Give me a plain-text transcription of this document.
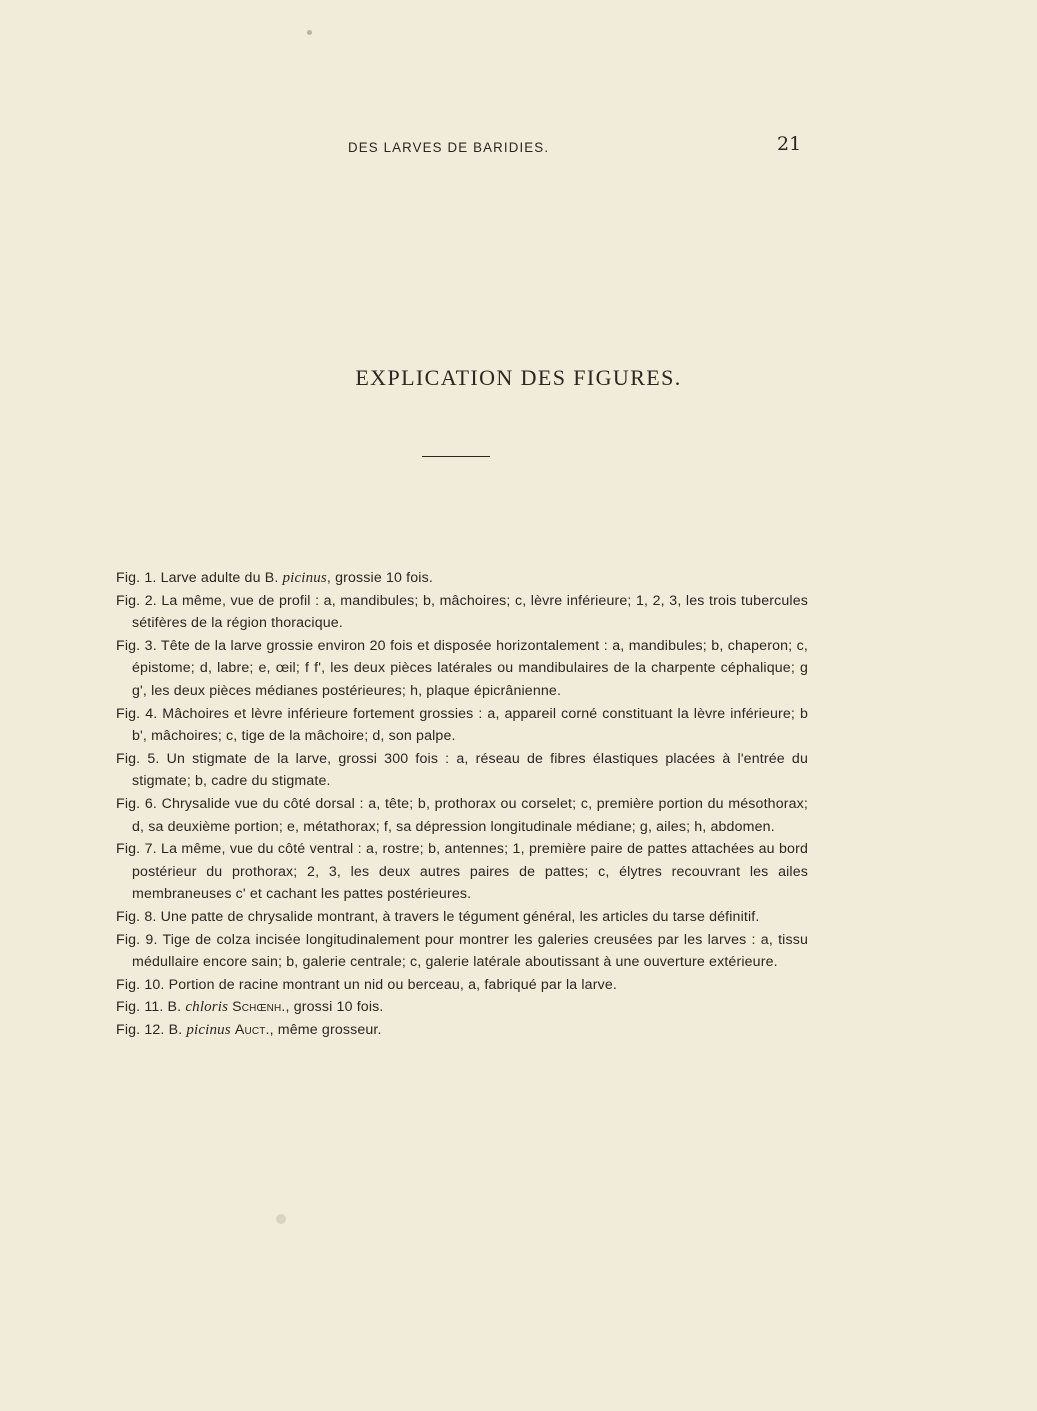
DES LARVES DE BARIDIES.	21
EXPLICATION DES FIGURES.

Fig. 1. Larve adulte du B. picinus, grossie 10 fois.

Fig. 2. La même, vue de profil : a, mandibules; b, mâchoires; c, lèvre inférieure; 1, 2, 3, les trois tubercules sétifères de la région thoracique.

Fig. 3. Tête de la larve grossie environ 20 fois et disposée horizontalement : a, mandibules; b, chaperon; c, épistome; d, labre; e, œil; f f', les deux pièces latérales ou mandibulaires de la charpente céphalique; g g', les deux pièces médianes postérieures; h, plaque épicrânienne.

Fig. 4. Mâchoires et lèvre inférieure fortement grossies : a, appareil corné constituant la lèvre inférieure; b b', mâchoires; c, tige de la mâchoire; d, son palpe.

Fig. 5. Un stigmate de la larve, grossi 300 fois : a, réseau de fibres élastiques placées à l'entrée du stigmate; b, cadre du stigmate.

Fig. 6. Chrysalide vue du côté dorsal : a, tête; b, prothorax ou corselet; c, première portion du mésothorax; d, sa deuxième portion; e, métathorax; f, sa dépression longitudinale médiane; g, ailes; h, abdomen.

Fig. 7. La même, vue du côté ventral : a, rostre; b, antennes; 1, première paire de pattes attachées au bord postérieur du prothorax; 2, 3, les deux autres paires de pattes; c, élytres recouvrant les ailes membraneuses c' et cachant les pattes postérieures.

Fig. 8. Une patte de chrysalide montrant, à travers le tégument général, les articles du tarse définitif.

Fig. 9. Tige de colza incisée longitudinalement pour montrer les galeries creusées par les larves : a, tissu médullaire encore sain; b, galerie centrale; c, galerie latérale aboutissant à une ouverture extérieure.

Fig. 10. Portion de racine montrant un nid ou berceau, a, fabriqué par la larve.

Fig. 11. B. chloris Schœnh., grossi 10 fois.

Fig. 12. B. picinus Auct., même grosseur.
